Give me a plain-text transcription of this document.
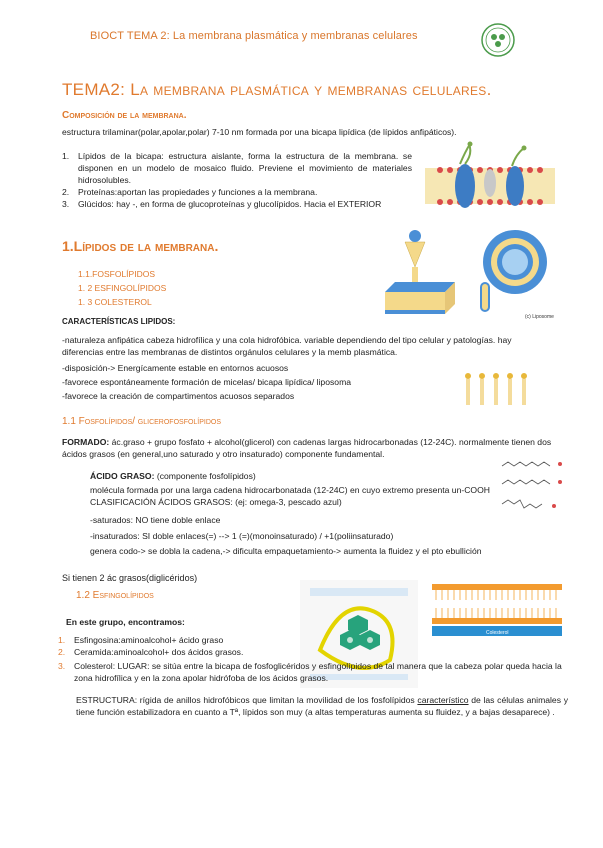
BIOCT TEMA 2: La membrana plasmática y membranas celulares
TEMA2: La membrana plasmática y membranas celulares.
Composición de la membrana.
estructura trilaminar(polar,apolar,polar) 7-10 nm formada por una bicapa lipídica (de lípidos anfipáticos).
1. Lípidos de la bicapa: estructura aislante, forma la estructura de la membrana. se disponen en un modelo de mosaico fluido. Previene el movimiento de materiales hidrosolubles.
2. Proteínas:aportan las propiedades y funciones a la membrana.
3. Glúcidos: hay -, en forma de glucoproteínas y glucolípidos. Hacia el EXTERIOR
1.Lípidos de la membrana.
1.1.FOSFOLÍPIDOS
1. 2 ESFINGOLÍPIDOS
1. 3 COLESTEROL
(c) Liposome
CARACTERÍSTICAS LIPIDOS:
-naturaleza anfipática cabeza hidrofílica y una cola hidrofóbica. variable dependiendo del tipo celular y patologías. hay diferencias entre las membranas de distintos orgánulos celulares y la memb plasmática.
-disposición-> Energícamente estable en entornos acuosos
-favorece espontáneamente formación de micelas/ bicapa lipídica/ liposoma
-favorece la creación de compartimentos acuosos separados
1.1 Fosfolípidos/ glicerofosfolípidos
FORMADO: ác.graso + grupo fosfato + alcohol(glicerol) con cadenas largas hidrocarbonadas (12-24C). normalmente tienen dos ácidos grasos (en general,uno saturado y otro insaturado) componente fundamental.
ÁCIDO GRASO: (componente fosfolípidos)
molécula formada por una larga cadena hidrocarbonatada (12-24C) en cuyo extremo presenta un-COOH CLASIFICACIÓN ÁCIDOS GRASOS: (ej: omega-3, pescado azul)
-saturados: NO tiene doble enlace
-insaturados: SI doble enlaces(=) --> 1 (=)(monoinsaturado) / +1(poliinsaturado)
genera codo-> se dobla la cadena,-> dificulta empaquetamiento-> aumenta la fluidez y el pto ebullición
Si tienen 2 ác grasos(diglicéridos)
1.2 Esfingolípidos
En este grupo, encontramos:
Colesterol
1. Esfingosina:aminoalcohol+ ácido graso
2. Ceramida:aminoalcohol+ dos ácidos grasos.
3. Colesterol: LUGAR: se sitúa entre la bicapa de fosfoglicéridos y esfingolípidos de tal manera que la cabeza polar queda hacia la zona hidrofílica y en la zona apolar hidrófoba de los ácidos grasos.
ESTRUCTURA: rígida de anillos hidrofóbicos que limitan la movilidad de los fosfolípidos característico de las células animales y tiene función estabilizadora en cuanto a Tª, lípidos son muy (a altas temperaturas aumenta su fluidez, y a bajas desaparece) .
